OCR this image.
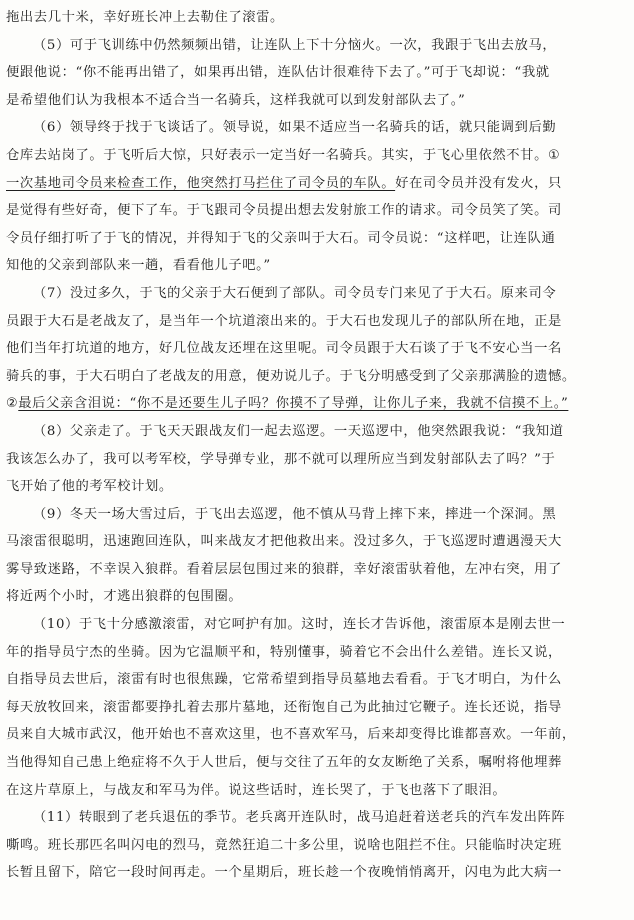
拖出去几十米，幸好班长冲上去勒住了滚雷。
（5）可于飞训练中仍然频频出错，让连队上下十分恼火。一次，我跟于飞出去放马，
便跟他说：“你不能再出错了，如果再出错，连队估计很难待下去了。”可于飞却说：“我就
是希望他们认为我根本不适合当一名骑兵，这样我就可以到发射部队去了。”
（6）领导终于找于飞谈话了。领导说，如果不适应当一名骑兵的话，就只能调到后勤
仓库去站岗了。于飞听后大惊，只好表示一定当好一名骑兵。其实，于飞心里依然不甘。①
一次基地司令员来检查工作，他突然打马拦住了司令员的车队。好在司令员并没有发火，只
是觉得有些好奇，便下了车。于飞跟司令员提出想去发射旅工作的请求。司令员笑了笑。司
令员仔细打听了于飞的情况，并得知于飞的父亲叫于大石。司令员说：“这样吧，让连队通
知他的父亲到部队来一趟，看看他儿子吧。”
（7）没过多久，于飞的父亲于大石便到了部队。司令员专门来见了于大石。原来司令
员跟于大石是老战友了，是当年一个坑道滚出来的。于大石也发现儿子的部队所在地，正是
他们当年打坑道的地方，好几位战友还埋在这里呢。司令员跟于大石谈了于飞不安心当一名
骑兵的事，于大石明白了老战友的用意，便劝说儿子。于飞分明感受到了父亲那满脸的遗憾。
②最后父亲含泪说：“你不是还要生儿子吗？你摸不了导弹，让你儿子来，我就不信摸不上。”
（8）父亲走了。于飞天天跟战友们一起去巡逻。一天巡逻中，他突然跟我说：“我知道
我该怎么办了，我可以考军校，学导弹专业，那不就可以理所应当到发射部队去了吗？”于
飞开始了他的考军校计划。
（9）冬天一场大雪过后，于飞出去巡逻，他不慎从马背上摔下来，摔进一个深洞。黑
马滚雷很聪明，迅速跑回连队，叫来战友才把他救出来。没过多久，于飞巡逻时遭遇漫天大
雾导致迷路，不幸误入狼群。看着层层包围过来的狼群，幸好滚雷驮着他，左冲右突，用了
将近两个小时，才逃出狼群的包围圈。
（10）于飞十分感激滚雷，对它呵护有加。这时，连长才告诉他，滚雷原本是刚去世一
年的指导员宁杰的坐骑。因为它温顺平和，特别懂事，骑着它不会出什么差错。连长又说，
自指导员去世后，滚雷有时也很焦躁，它常希望到指导员墓地去看看。于飞才明白，为什么
每天放牧回来，滚雷都要挣扎着去那片墓地，还衔饱自己为此抽过它鞭子。连长还说，指导
员来自大城市武汉，他开始也不喜欢这里，也不喜欢军马，后来却变得比谁都喜欢。一年前，
当他得知自己患上绝症将不久于人世后，便与交往了五年的女友断绝了关系，嘱咐将他埋葬
在这片草原上，与战友和军马为伴。说这些话时，连长哭了，于飞也落下了眼泪。
（11）转眼到了老兵退伍的季节。老兵离开连队时，战马追赶着送老兵的汽车发出阵阵
嘶鸣。班长那匹名叫闪电的烈马，竟然狂追二十多公里，说啥也阻拦不住。只能临时决定班
长暂且留下，陪它一段时间再走。一个星期后，班长趁一个夜晚悄悄离开，闪电为此大病一
